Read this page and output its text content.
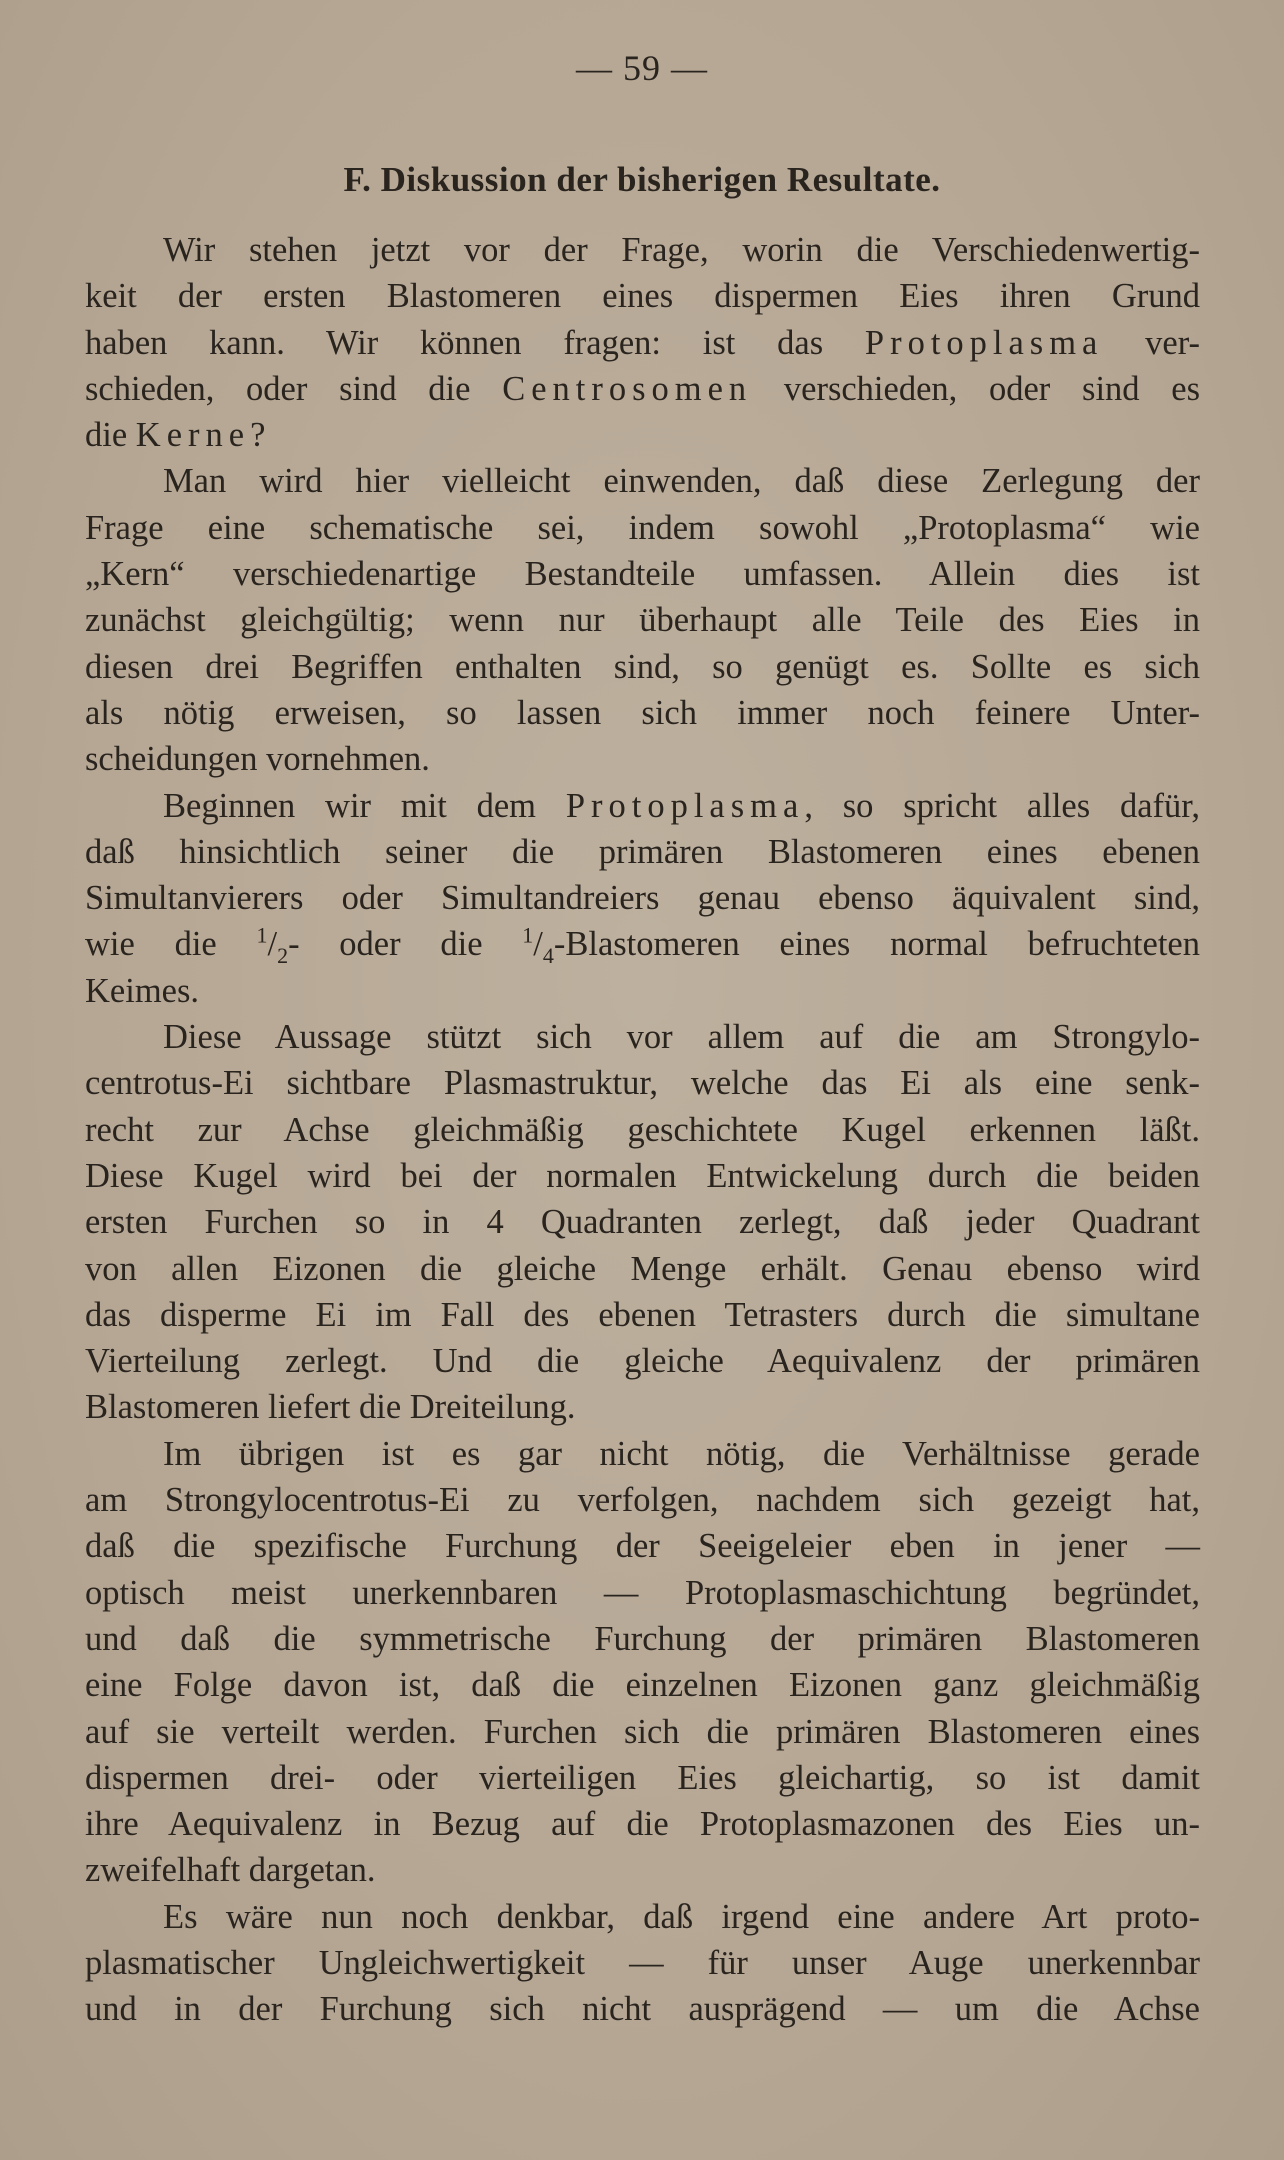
— 59 —
F. Diskussion der bisherigen Resultate.
Wir stehen jetzt vor der Frage, worin die Verschiedenwertig-
keit der ersten Blastomeren eines dispermen Eies ihren Grund
haben kann. Wir können fragen: ist das Protoplasma ver-
schieden, oder sind die Centrosomen verschieden, oder sind es
die Kerne?
Man wird hier vielleicht einwenden, daß diese Zerlegung der
Frage eine schematische sei, indem sowohl „Protoplasma“ wie
„Kern“ verschiedenartige Bestandteile umfassen. Allein dies ist
zunächst gleichgültig; wenn nur überhaupt alle Teile des Eies in
diesen drei Begriffen enthalten sind, so genügt es. Sollte es sich
als nötig erweisen, so lassen sich immer noch feinere Unter-
scheidungen vornehmen.
Beginnen wir mit dem Protoplasma, so spricht alles dafür,
daß hinsichtlich seiner die primären Blastomeren eines ebenen
Simultanvierers oder Simultandreiers genau ebenso äquivalent sind,
wie die $^1/_2-$ oder die $^1/_4$-Blastomeren eines normal befruchteten
Keimes.
Diese Aussage stützt sich vor allem auf die am Strongylo-
centrotus-Ei sichtbare Plasmastruktur, welche das Ei als eine senk-
recht zur Achse gleichmäßig geschichtete Kugel erkennen läßt.
Diese Kugel wird bei der normalen Entwickelung durch die beiden
ersten Furchen so in 4 Quadranten zerlegt, daß jeder Quadrant
von allen Eizonen die gleiche Menge erhält. Genau ebenso wird
das disperme Ei im Fall des ebenen Tetrasters durch die simultane
Vierteilung zerlegt. Und die gleiche Aequivalenz der primären
Blastomeren liefert die Dreiteilung.
Im übrigen ist es gar nicht nötig, die Verhältnisse gerade
am Strongylocentrotus-Ei zu verfolgen, nachdem sich gezeigt hat,
daß die spezifische Furchung der Seeigeleier eben in jener —
optisch meist unerkennbaren — Protoplasmaschichtung begründet,
und daß die symmetrische Furchung der primären Blastomeren
eine Folge davon ist, daß die einzelnen Eizonen ganz gleichmäßig
auf sie verteilt werden. Furchen sich die primären Blastomeren eines
dispermen drei- oder vierteiligen Eies gleichartig, so ist damit
ihre Aequivalenz in Bezug auf die Protoplasmazonen des Eies un-
zweifelhaft dargetan.
Es wäre nun noch denkbar, daß irgend eine andere Art proto-
plasmatischer Ungleichwertigkeit — für unser Auge unerkennbar
und in der Furchung sich nicht ausprägend — um die Achse
